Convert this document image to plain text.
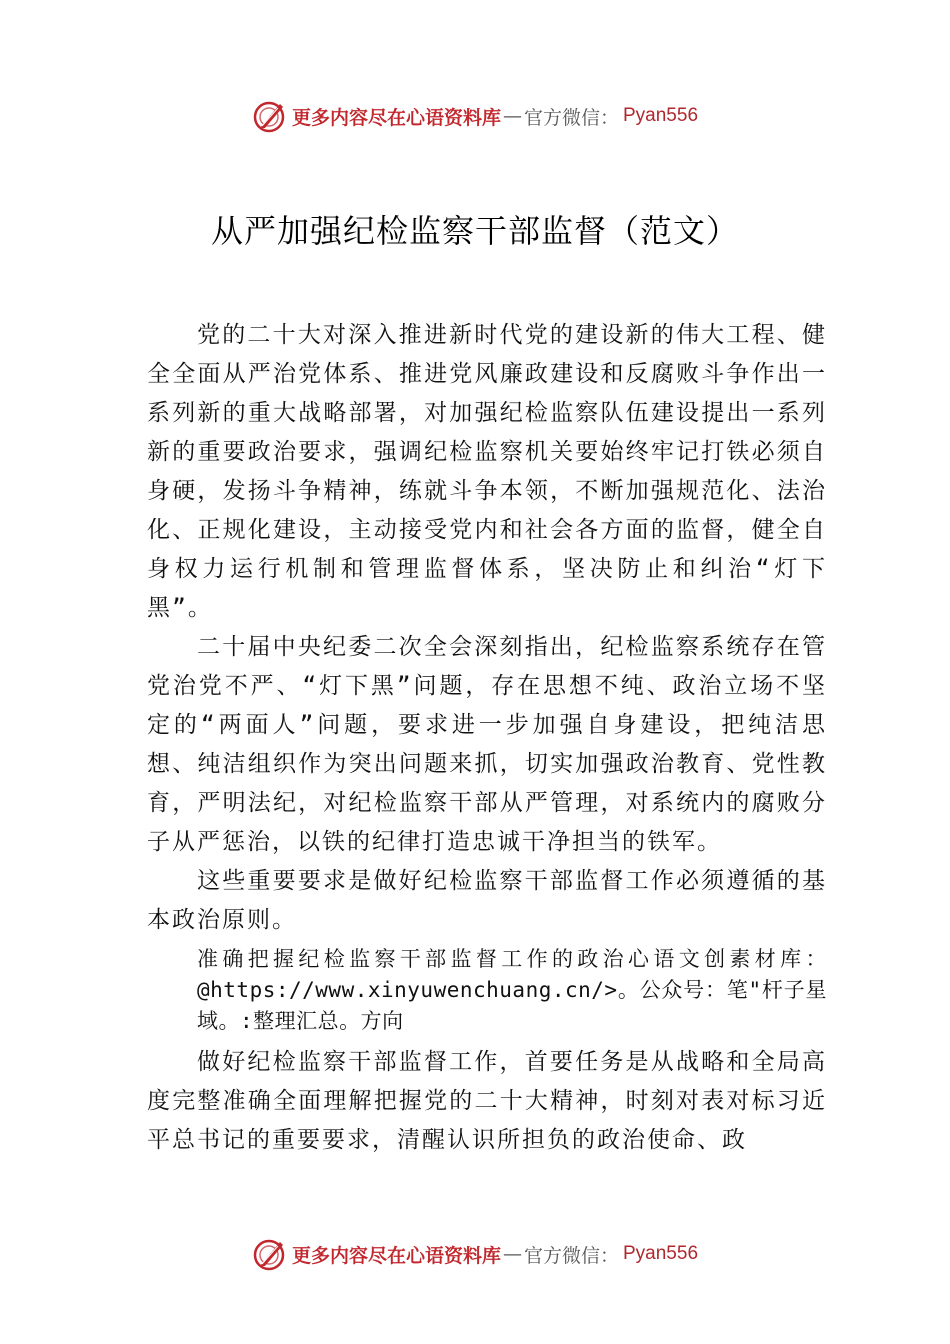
更多内容尽在心语资料库 — 官方微信： Pyan556
从严加强纪检监察干部监督（范文）

党的二十大对深入推进新时代党的建设新的伟大工程、健全全面从严治党体系、推进党风廉政建设和反腐败斗争作出一系列新的重大战略部署，对加强纪检监察队伍建设提出一系列新的重要政治要求，强调纪检监察机关要始终牢记打铁必须自身硬，发扬斗争精神，练就斗争本领，不断加强规范化、法治化、正规化建设，主动接受党内和社会各方面的监督，健全自身权力运行机制和管理监督体系，坚决防止和纠治“灯下黑”。

二十届中央纪委二次全会深刻指出，纪检监察系统存在管党治党不严、“灯下黑”问题，存在思想不纯、政治立场不坚定的“两面人”问题，要求进一步加强自身建设，把纯洁思想、纯洁组织作为突出问题来抓，切实加强政治教育、党性教育，严明法纪，对纪检监察干部从严管理，对系统内的腐败分子从严惩治，以铁的纪律打造忠诚干净担当的铁军。

这些重要要求是做好纪检监察干部监督工作必须遵循的基本政治原则。

准确把握纪检监察干部监督工作的政治心语文创素材库：@https://www.xinyuwenchuang.cn/>。公众号：笔"杆子星域。:整理汇总。方向

做好纪检监察干部监督工作，首要任务是从战略和全局高度完整准确全面理解把握党的二十大精神，时刻对表对标习近平总书记的重要要求，清醒认识所担负的政治使命、政

更多内容尽在心语资料库 — 官方微信： Pyan556
